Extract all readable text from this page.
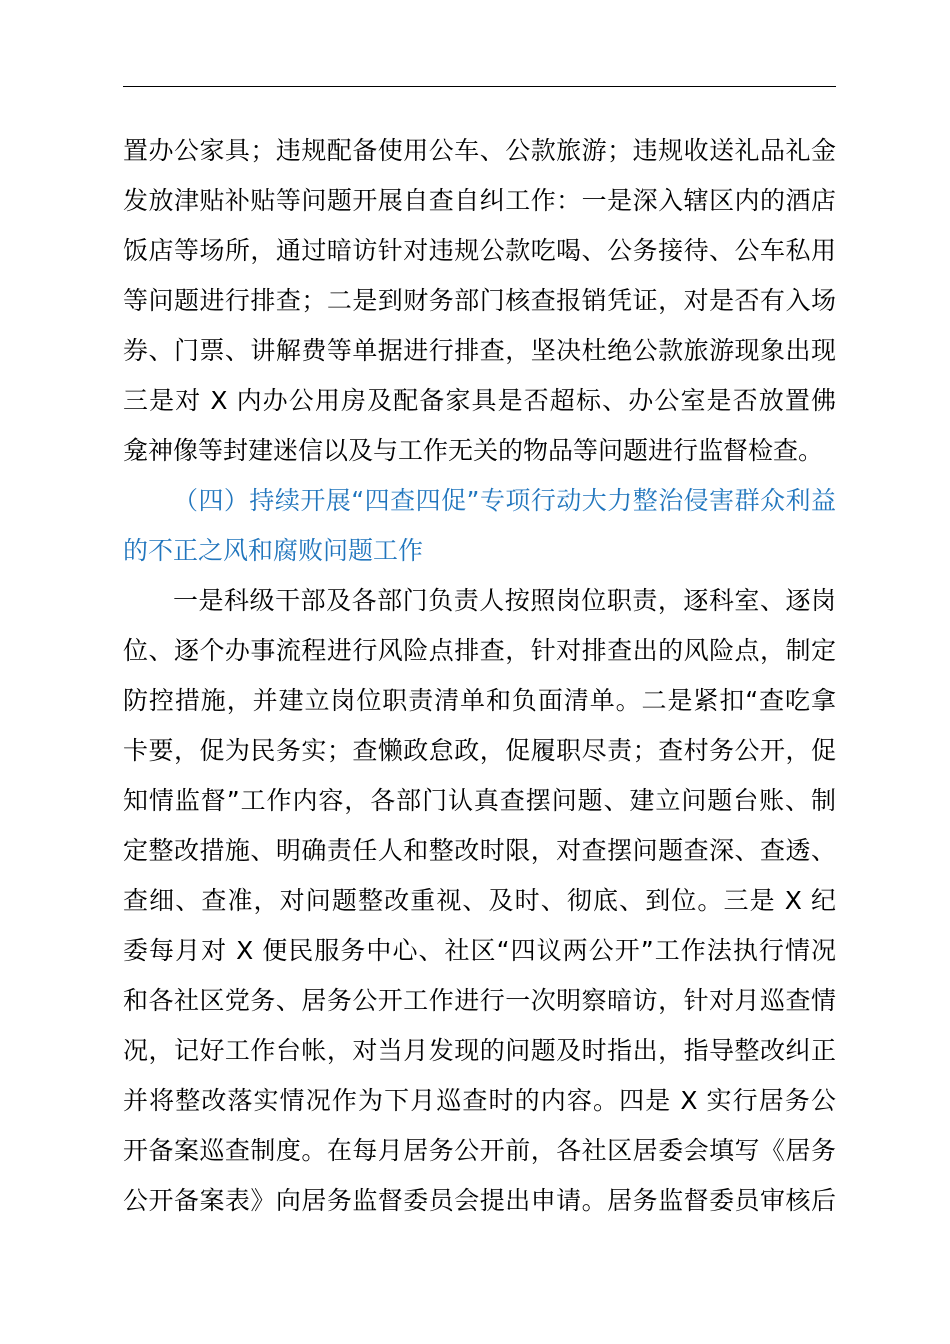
置办公家具；违规配备使用公车、公款旅游；违规收送礼品礼金
发放津贴补贴等问题开展自查自纠工作：一是深入辖区内的酒店
饭店等场所，通过暗访针对违规公款吃喝、公务接待、公车私用
等问题进行排查；二是到财务部门核查报销凭证，对是否有入场
券、门票、讲解费等单据进行排查，坚决杜绝公款旅游现象出现
三是对 X 内办公用房及配备家具是否超标、办公室是否放置佛
龛神像等封建迷信以及与工作无关的物品等问题进行监督检查。
（四）持续开展“四查四促”专项行动大力整治侵害群众利益
的不正之风和腐败问题工作
一是科级干部及各部门负责人按照岗位职责，逐科室、逐岗
位、逐个办事流程进行风险点排查，针对排查出的风险点，制定
防控措施，并建立岗位职责清单和负面清单。二是紧扣“查吃拿
卡要，促为民务实；查懒政怠政，促履职尽责；查村务公开，促
知情监督”工作内容，各部门认真查摆问题、建立问题台账、制
定整改措施、明确责任人和整改时限，对查摆问题查深、查透、
查细、查准，对问题整改重视、及时、彻底、到位。三是 X 纪
委每月对 X 便民服务中心、社区“四议两公开”工作法执行情况
和各社区党务、居务公开工作进行一次明察暗访，针对月巡查情
况，记好工作台帐，对当月发现的问题及时指出，指导整改纠正
并将整改落实情况作为下月巡查时的内容。四是 X 实行居务公
开备案巡查制度。在每月居务公开前，各社区居委会填写《居务
公开备案表》向居务监督委员会提出申请。居务监督委员审核后
